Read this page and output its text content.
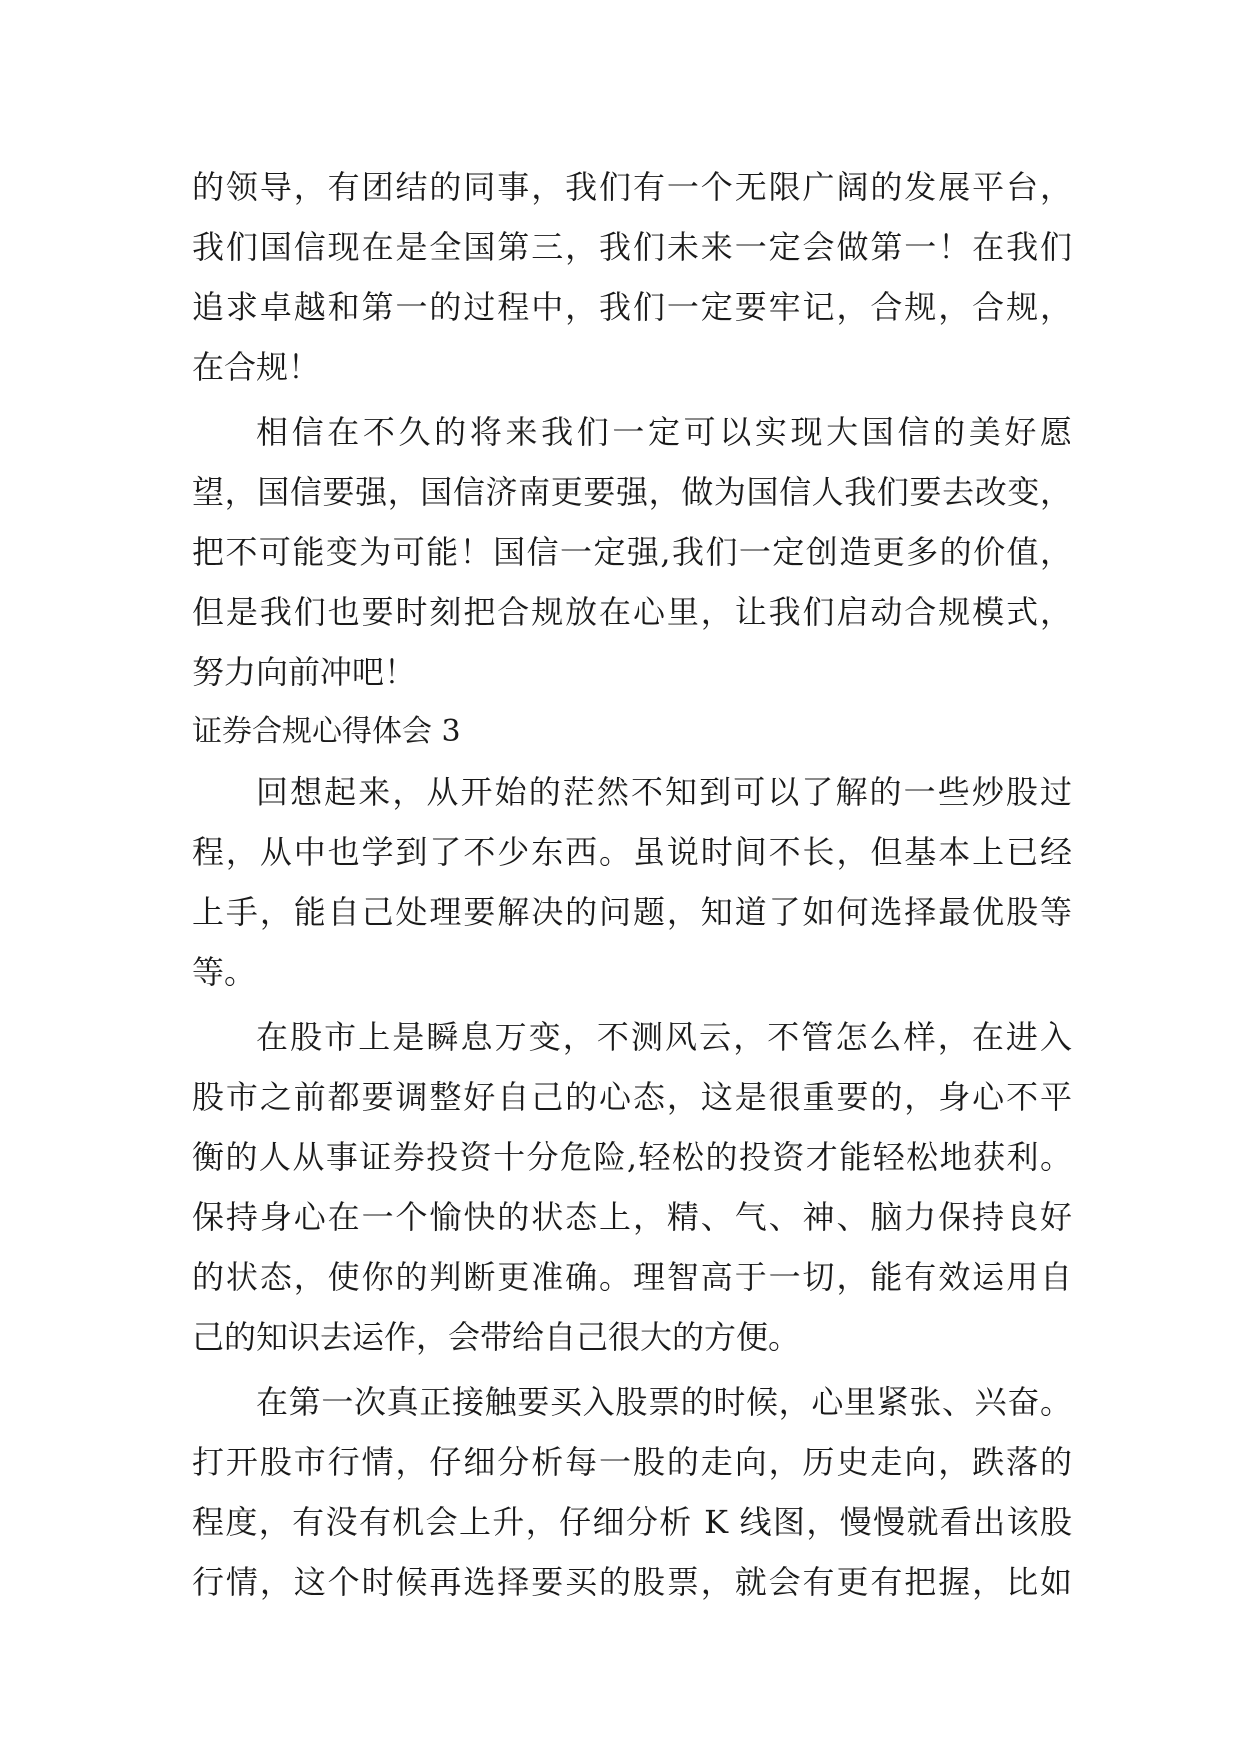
的领导，有团结的同事，我们有一个无限广阔的发展平台，
我们国信现在是全国第三，我们未来一定会做第一！在我们
追求卓越和第一的过程中，我们一定要牢记，合规，合规，
在合规！
相信在不久的将来我们一定可以实现大国信的美好愿
望，国信要强，国信济南更要强，做为国信人我们要去改变，
把不可能变为可能！国信一定强,我们一定创造更多的价值，
但是我们也要时刻把合规放在心里，让我们启动合规模式，
努力向前冲吧！
证券合规心得体会 3
回想起来，从开始的茫然不知到可以了解的一些炒股过
程，从中也学到了不少东西。虽说时间不长，但基本上已经
上手，能自己处理要解决的问题，知道了如何选择最优股等
等。
在股市上是瞬息万变，不测风云，不管怎么样，在进入
股市之前都要调整好自己的心态，这是很重要的，身心不平
衡的人从事证券投资十分危险,轻松的投资才能轻松地获利。
保持身心在一个愉快的状态上，精、气、神、脑力保持良好
的状态，使你的判断更准确。理智高于一切，能有效运用自
己的知识去运作，会带给自己很大的方便。
在第一次真正接触要买入股票的时候，心里紧张、兴奋。
打开股市行情，仔细分析每一股的走向，历史走向，跌落的
程度，有没有机会上升，仔细分析 K 线图，慢慢就看出该股
行情，这个时候再选择要买的股票，就会有更有把握，比如
